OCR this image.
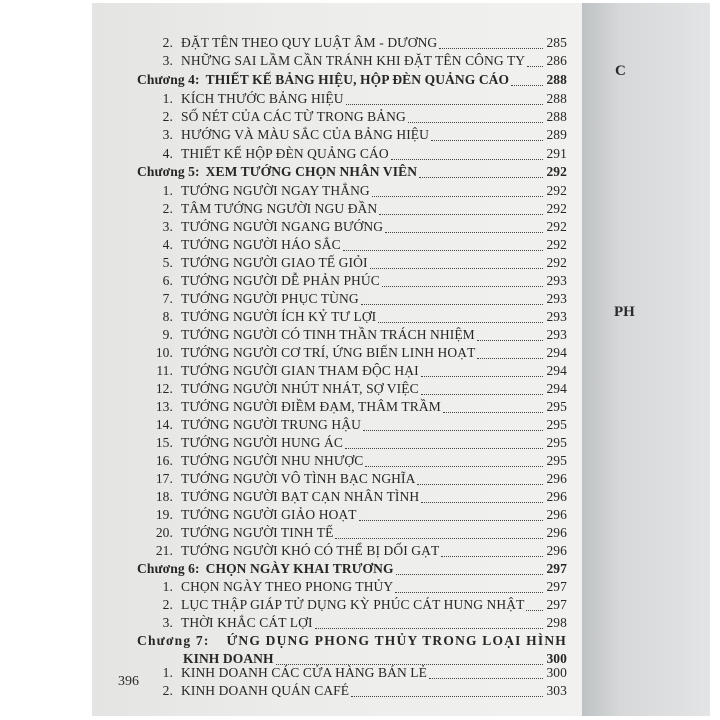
2. ĐẶT TÊN THEO QUY LUẬT ÂM - DƯƠNG	285
3. NHỮNG SAI LẦM CẦN TRÁNH KHI ĐẶT TÊN CÔNG TY 286
Chương 4: THIẾT KẾ BẢNG HIỆU, HỘP ĐÈN QUẢNG CÁO	288
1. KÍCH THƯỚC BẢNG HIỆU	288
2. SỐ NÉT CỦA CÁC TỪ TRONG BẢNG	288
3. HƯỚNG VÀ MÀU SẮC CỦA BẢNG HIỆU	289
4. THIẾT KẾ HỘP ĐÈN QUẢNG CÁO	291
Chương 5: XEM TƯỚNG CHỌN NHÂN VIÊN	292
1. TƯỚNG NGƯỜI NGAY THẲNG	292
2. TÂM TƯỚNG NGƯỜI NGU ĐẦN	292
3. TƯỚNG NGƯỜI NGANG BƯỚNG	292
4. TƯỚNG NGƯỜI HÁO SẮC	292
5. TƯỚNG NGƯỜI GIAO TẾ GIỎI	292
6. TƯỚNG NGƯỜI DỄ PHẢN PHÚC	293
7. TƯỚNG NGƯỜI PHỤC TÙNG	293
8. TƯỚNG NGƯỜI ÍCH KỶ TƯ LỢI	293
9. TƯỚNG NGƯỜI CÓ TINH THẦN TRÁCH NHIỆM	293
10. TƯỚNG NGƯỜI CƠ TRÍ, ỨNG BIẾN LINH HOẠT	294
11. TƯỚNG NGƯỜI GIAN THAM ĐỘC HẠI	294
12. TƯỚNG NGƯỜI NHÚT NHÁT, SỢ VIỆC	294
13. TƯỚNG NGƯỜI ĐIỀM ĐẠM, THÂM TRẦM	295
14. TƯỚNG NGƯỜI TRUNG HẬU	295
15. TƯỚNG NGƯỜI HUNG ÁC	295
16. TƯỚNG NGƯỜI NHU NHƯỢC	295
17. TƯỚNG NGƯỜI VÔ TÌNH BẠC NGHĨA	296
18. TƯỚNG NGƯỜI BẠT CẠN NHÂN TÌNH	296
19. TƯỚNG NGƯỜI GIẢO HOẠT	296
20. TƯỚNG NGƯỜI TINH TẾ	296
21. TƯỚNG NGƯỜI KHÓ CÓ THỂ BỊ DỐI GẠT	296
Chương 6: CHỌN NGÀY KHAI TRƯƠNG	297
1. CHỌN NGÀY THEO PHONG THỦY	297
2. LỤC THẬP GIÁP TỬ DỤNG KỲ PHÚC CÁT HUNG NHẬT 297
3. THỜI KHẮC CÁT LỢI	298
Chương 7: ỨNG DỤNG PHONG THỦY TRONG LOẠI HÌNH
KINH DOANH	300
1. KINH DOANH CÁC CỬA HÀNG BÁN LẺ	300
2. KINH DOANH QUÁN CAFÉ	303
396
C
PH
